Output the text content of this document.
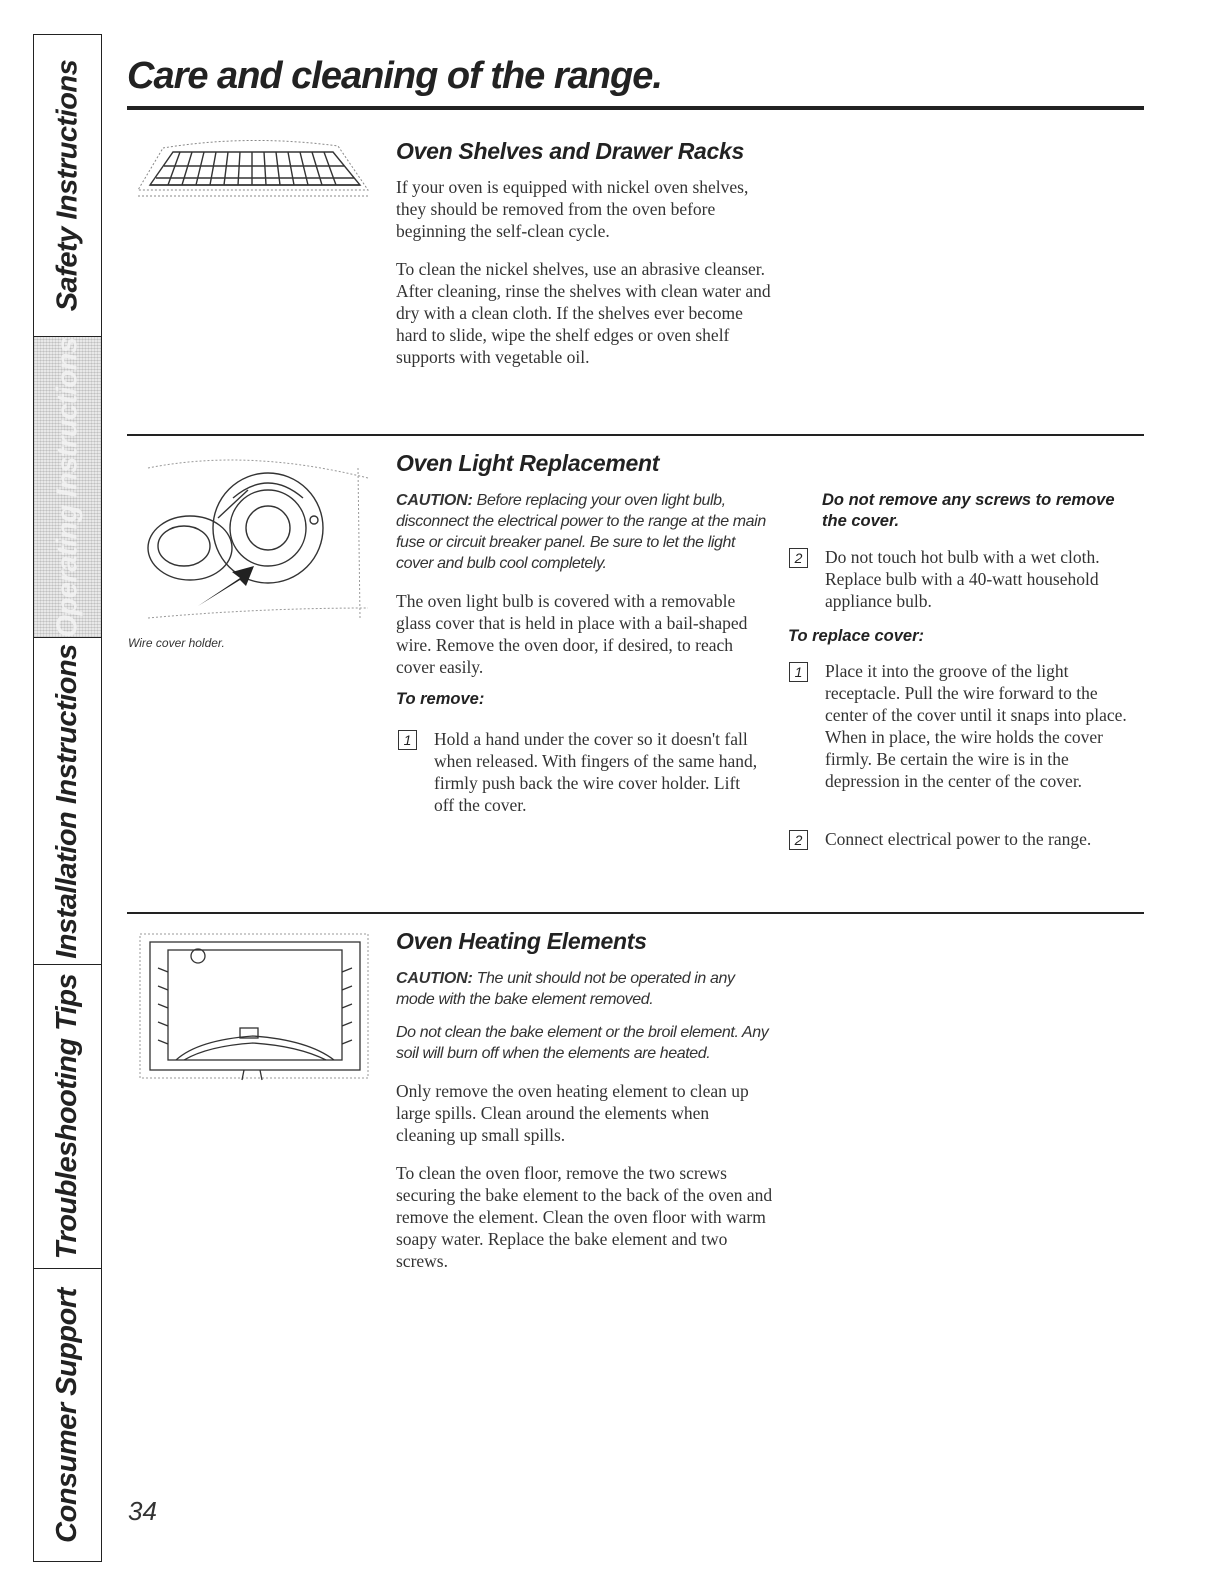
Safety Instructions
Operating Instructions
Installation Instructions
Troubleshooting Tips
Consumer Support
Care and cleaning of the range.
Oven Shelves and Drawer Racks

If your oven is equipped with nickel oven shelves, they should be removed from the oven before beginning the self-clean cycle.

To clean the nickel shelves, use an abrasive cleanser. After cleaning, rinse the shelves with clean water and dry with a clean cloth. If the shelves ever become hard to slide, wipe the shelf edges or oven shelf supports with vegetable oil.

Wire cover holder.
Oven Light Replacement

CAUTION: Before replacing your oven light bulb, disconnect the electrical power to the range at the main fuse or circuit breaker panel. Be sure to let the light cover and bulb cool completely.

The oven light bulb is covered with a removable glass cover that is held in place with a bail-shaped wire. Remove the oven door, if desired, to reach cover easily.

To remove:

1	Hold a hand under the cover so it doesn't fall when released. With fingers of the same hand, firmly push back the wire cover holder. Lift off the cover.

Do not remove any screws to remove the cover.

2	Do not touch hot bulb with a wet cloth. Replace bulb with a 40-watt household appliance bulb.

To replace cover:

1	Place it into the groove of the light receptacle. Pull the wire forward to the center of the cover until it snaps into place. When in place, the wire holds the cover firmly. Be certain the wire is in the depression in the center of the cover.

2	Connect electrical power to the range.

Oven Heating Elements

CAUTION: The unit should not be operated in any mode with the bake element removed.

Do not clean the bake element or the broil element. Any soil will burn off when the elements are heated.

Only remove the oven heating element to clean up large spills. Clean around the elements when cleaning up small spills.

To clean the oven floor, remove the two screws securing the bake element to the back of the oven and remove the element. Clean the oven floor with warm soapy water. Replace the bake element and two screws.

34
